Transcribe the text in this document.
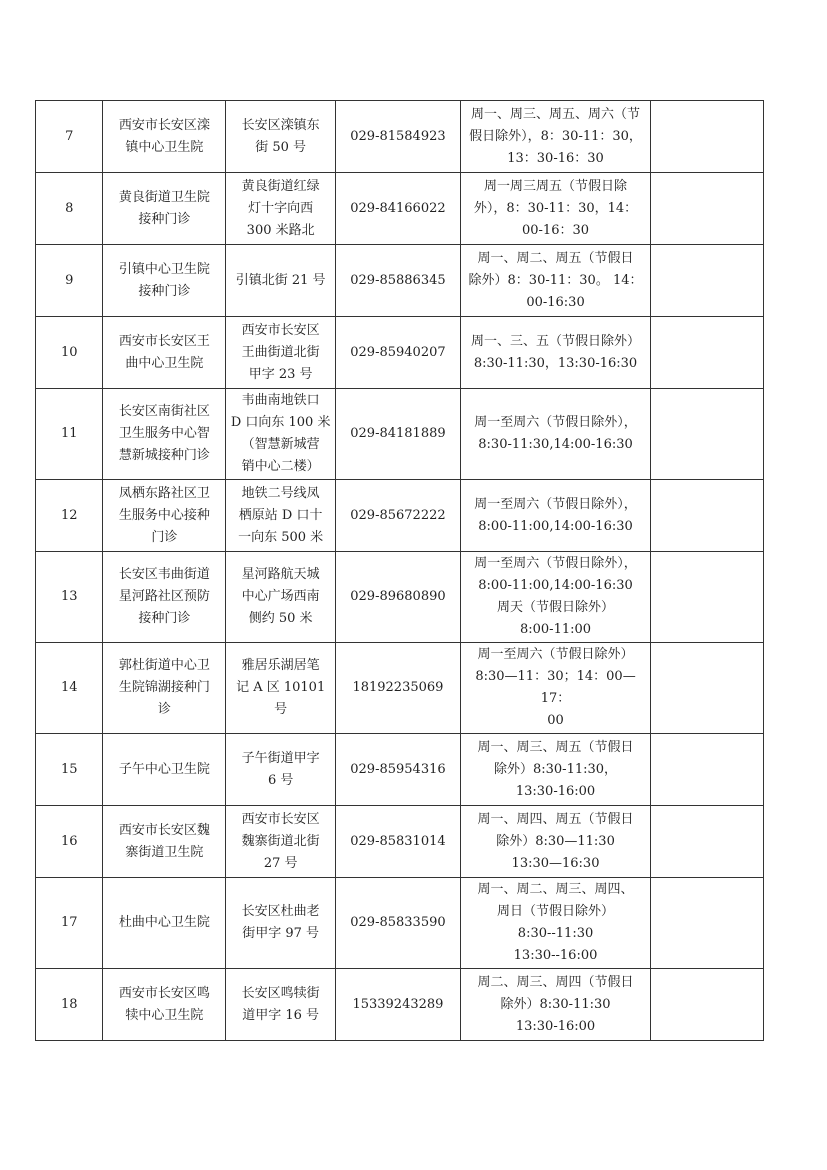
7	西安市长安区滦
镇中心卫生院	长安区滦镇东
街 50 号	029-81584923	周一、周三、周五、周六（节
假日除外），8：30-11：30，
13：30-16：30	
8	黄良街道卫生院
接种门诊	黄良街道红绿
灯十字向西
300 米路北	029-84166022	周一周三周五（节假日除
外），8：30-11：30，14：
00-16：30	
9	引镇中心卫生院
接种门诊	引镇北街 21 号	029-85886345	周一、周二、周五（节假日
除外）8：30-11：30。 14：
00-16:30	
10	西安市长安区王
曲中心卫生院	西安市长安区
王曲街道北街
甲字 23 号	029-85940207	周一、三、五（节假日除外）
8:30-11:30，13:30-16:30	
11	长安区南街社区
卫生服务中心智
慧新城接种门诊	韦曲南地铁口
D 口向东 100 米
（智慧新城营
销中心二楼）	029-84181889	周一至周六（节假日除外），
8:30-11:30,14:00-16:30	
12	凤栖东路社区卫
生服务中心接种
门诊	地铁二号线凤
栖原站 D 口十
一向东 500 米	029-85672222	周一至周六（节假日除外），
8:00-11:00,14:00-16:30	
13	长安区韦曲街道
星河路社区预防
接种门诊	星河路航天城
中心广场西南
侧约 50 米	029-89680890	周一至周六（节假日除外），
8:00-11:00,14:00-16:30
周天（节假日除外）
8:00-11:00	
14	郭杜街道中心卫
生院锦湖接种门
诊	雅居乐湖居笔
记 A 区 10101
号	18192235069	周一至周六（节假日除外）
8:30—11：30；14：00—17：
00	
15	子午中心卫生院	子午街道甲字
6 号	029-85954316	周一、周三、周五（节假日
除外）8:30-11:30，
13:30-16:00	
16	西安市长安区魏
寨街道卫生院	西安市长安区
魏寨街道北街
27 号	029-85831014	周一、周四、周五（节假日
除外）8:30—11:30
13:30—16:30	
17	杜曲中心卫生院	长安区杜曲老
街甲字 97 号	029-85833590	周一、周二、周三、周四、
周日（节假日除外）
8:30--11:30
13:30--16:00	
18	西安市长安区鸣
犊中心卫生院	长安区鸣犊街
道甲字 16 号	15339243289	周二、周三、周四（节假日
除外）8:30-11:30
13:30-16:00	
